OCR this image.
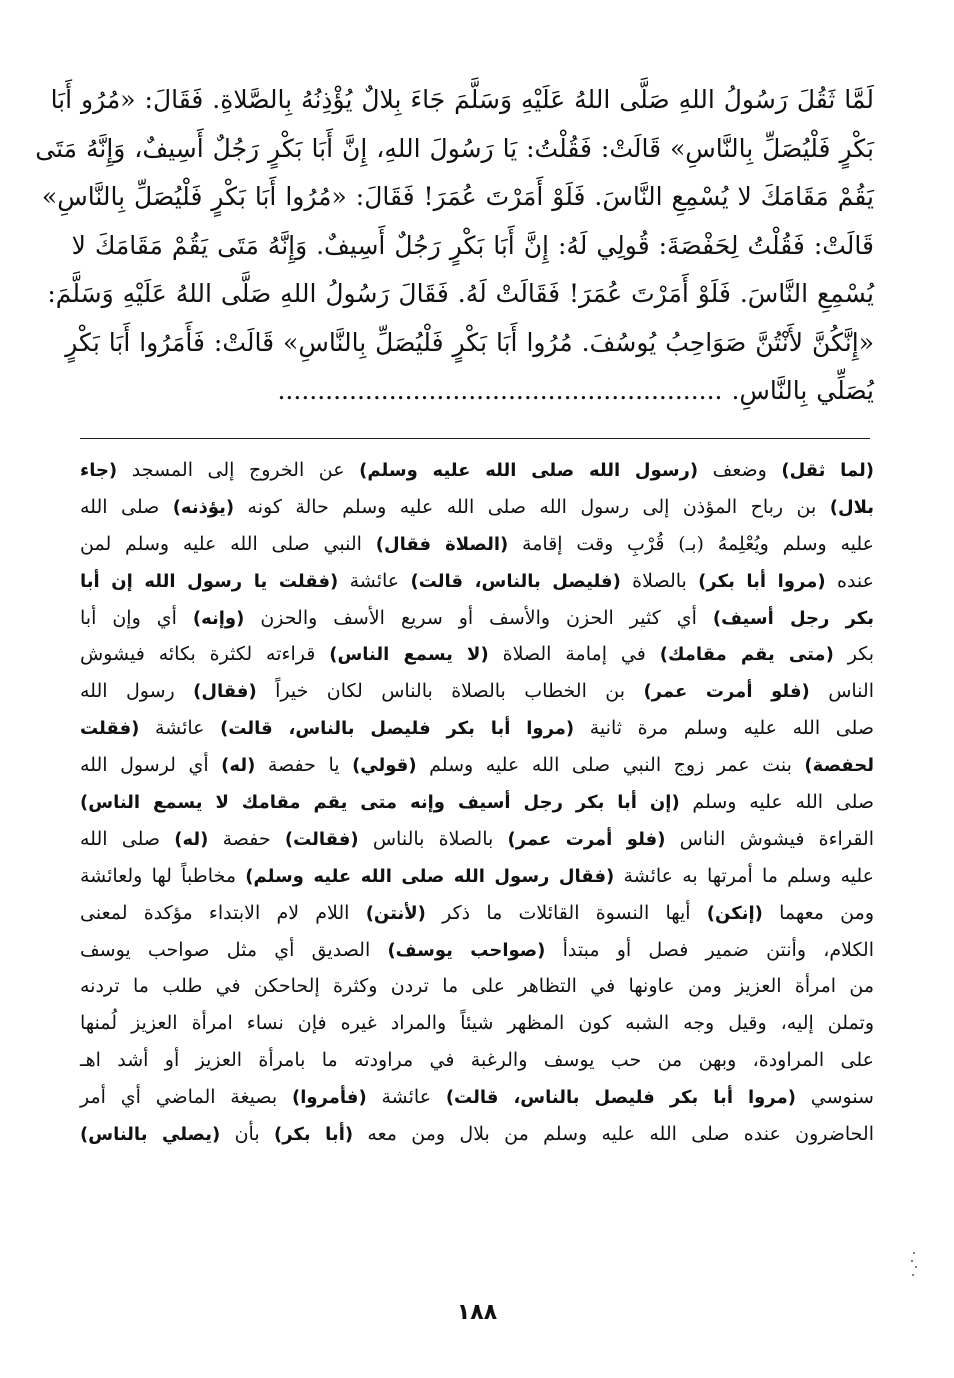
لَمَّا ثَقُلَ رَسُولُ اللهِ صَلَّى اللهُ عَلَيْهِ وَسَلَّمَ جَاءَ بِلالٌ يُؤْذِنُهُ بِالصَّلاةِ. فَقَالَ: «مُرُو أَبَا
بَكْرٍ فَلْيُصَلِّ بِالنَّاسِ» قَالَتْ: فَقُلْتُ: يَا رَسُولَ اللهِ، إِنَّ أَبَا بَكْرٍ رَجُلٌ أَسِيفٌ، وَإِنَّهُ مَتَى
يَقُمْ مَقَامَكَ لا يُسْمِعِ النَّاسَ. فَلَوْ أَمَرْتَ عُمَرَ! فَقَالَ: «مُرُوا أَبَا بَكْرٍ فَلْيُصَلِّ بِالنَّاسِ»
قَالَتْ: فَقُلْتُ لِحَفْصَةَ: قُولِي لَهُ: إِنَّ أَبَا بَكْرٍ رَجُلٌ أَسِيفٌ. وَإِنَّهُ مَتَى يَقُمْ مَقَامَكَ لا
يُسْمِعِ النَّاسَ. فَلَوْ أَمَرْتَ عُمَرَ! فَقَالَتْ لَهُ. فَقَالَ رَسُولُ اللهِ صَلَّى اللهُ عَلَيْهِ وَسَلَّمَ:
«إِنَّكُنَّ لأَنْتُنَّ صَوَاحِبُ يُوسُفَ. مُرُوا أَبَا بَكْرٍ فَلْيُصَلِّ بِالنَّاسِ» قَالَتْ: فَأَمَرُوا أَبَا بَكْرٍ
يُصَلِّي بِالنَّاسِ. ........................................................
(لما ثقل) وضعف (رسول الله صلى الله عليه وسلم) عن الخروج إلى المسجد (جاء
بلال) بن رباح المؤذن إلى رسول الله صلى الله عليه وسلم حالة كونه (يؤذنه) صلى الله
عليه وسلم ويُعْلِمهُ (بـ) قُرْبِ وقت إقامة (الصلاة فقال) النبي صلى الله عليه وسلم لمن
عنده (مروا أبا بكر) بالصلاة (فليصل بالناس، قالت) عائشة (فقلت يا رسول الله إن أبا
بكر رجل أسيف) أي كثير الحزن والأسف أو سريع الأسف والحزن (وإنه) أي وإن أبا
بكر (متى يقم مقامك) في إمامة الصلاة (لا يسمع الناس) قراءته لكثرة بكائه فيشوش
الناس (فلو أمرت عمر) بن الخطاب بالصلاة بالناس لكان خيراً (فقال) رسول الله
صلى الله عليه وسلم مرة ثانية (مروا أبا بكر فليصل بالناس، قالت) عائشة (فقلت
لحفصة) بنت عمر زوج النبي صلى الله عليه وسلم (قولي) يا حفصة (له) أي لرسول الله
صلى الله عليه وسلم (إن أبا بكر رجل أسيف وإنه متى يقم مقامك لا يسمع الناس)
القراءة فيشوش الناس (فلو أمرت عمر) بالصلاة بالناس (فقالت) حفصة (له) صلى الله
عليه وسلم ما أمرتها به عائشة (فقال رسول الله صلى الله عليه وسلم) مخاطباً لها ولعائشة
ومن معهما (إنكن) أيها النسوة القائلات ما ذكر (لأنتن) اللام لام الابتداء مؤكدة لمعنى
الكلام، وأنتن ضمير فصل أو مبتدأ (صواحب يوسف) الصديق أي مثل صواحب يوسف
من امرأة العزيز ومن عاونها في التظاهر على ما تردن وكثرة إلحاحكن في طلب ما تردنه
وتملن إليه، وقيل وجه الشبه كون المظهر شيئاً والمراد غيره فإن نساء امرأة العزيز لُمنها
على المراودة، وبهن من حب يوسف والرغبة في مراودته ما بامرأة العزيز أو أشد اهـ
سنوسي (مروا أبا بكر فليصل بالناس، قالت) عائشة (فأمروا) بصيغة الماضي أي أمر
الحاضرون عنده صلى الله عليه وسلم من بلال ومن معه (أبا بكر) بأن (يصلي بالناس)
١٨٨
